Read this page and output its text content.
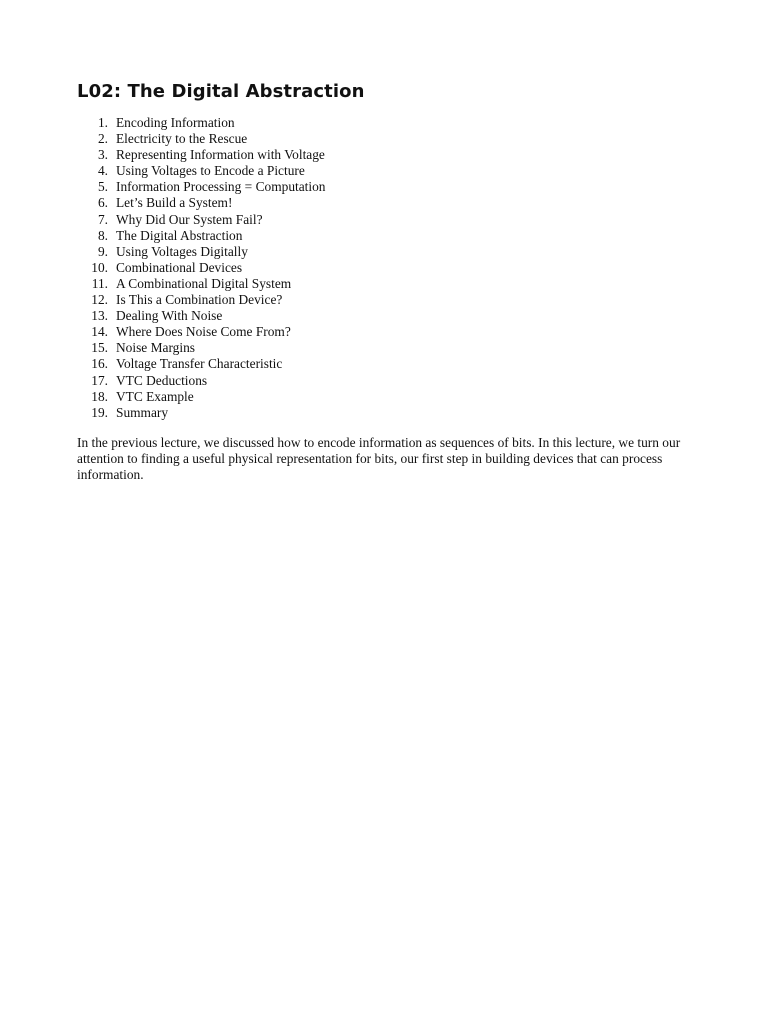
L02: The Digital Abstraction
1. Encoding Information
2. Electricity to the Rescue
3. Representing Information with Voltage
4. Using Voltages to Encode a Picture
5. Information Processing = Computation
6. Let’s Build a System!
7. Why Did Our System Fail?
8. The Digital Abstraction
9. Using Voltages Digitally
10. Combinational Devices
11. A Combinational Digital System
12. Is This a Combination Device?
13. Dealing With Noise
14. Where Does Noise Come From?
15. Noise Margins
16. Voltage Transfer Characteristic
17. VTC Deductions
18. VTC Example
19. Summary

In the previous lecture, we discussed how to encode information as sequences of bits. In this lecture, we turn our attention to finding a useful physical representation for bits, our first step in building devices that can process information.
